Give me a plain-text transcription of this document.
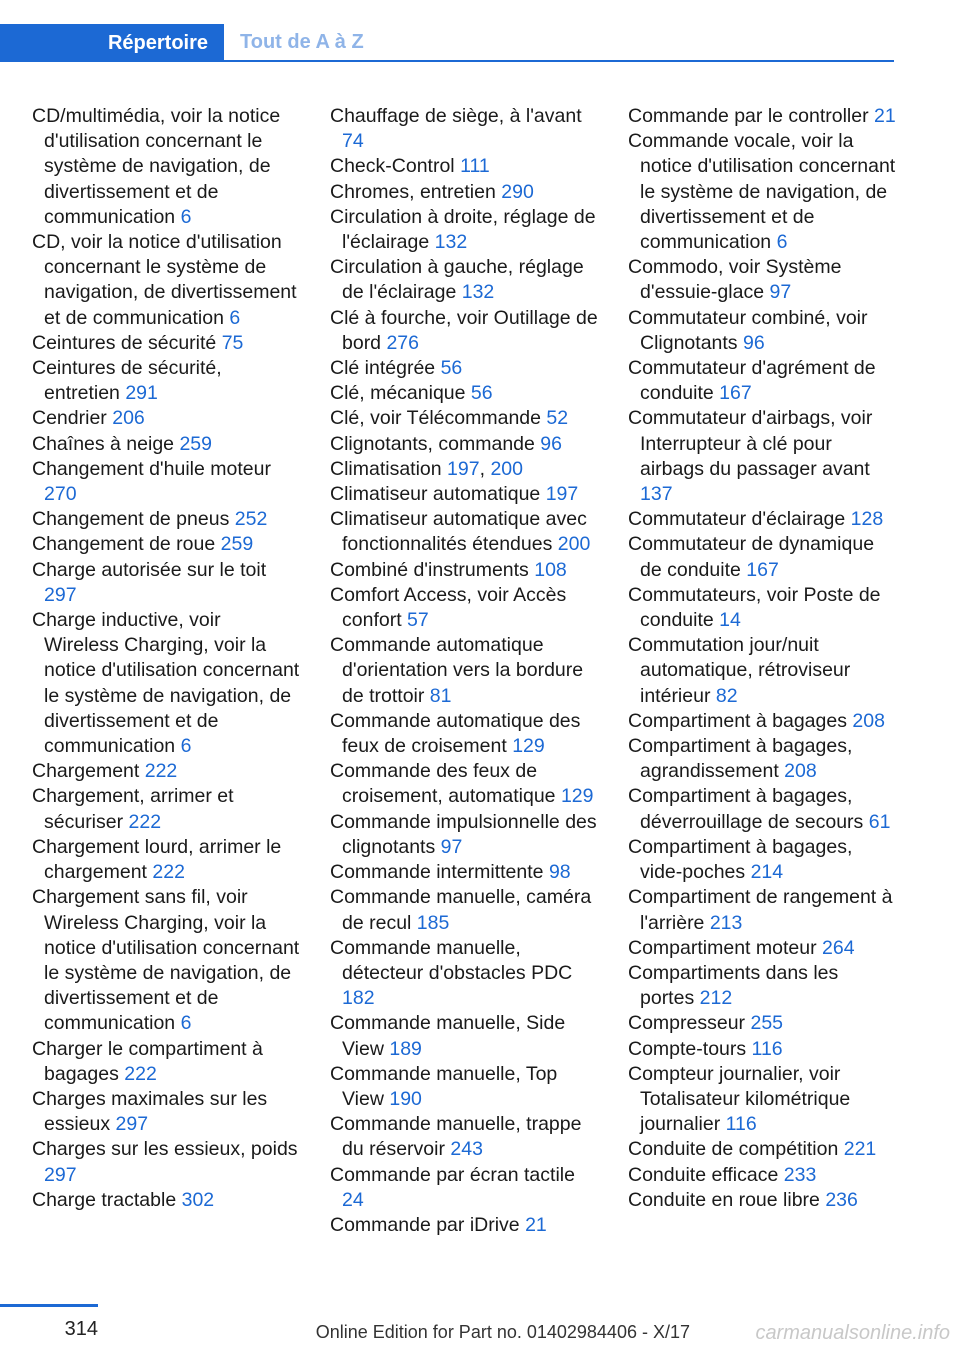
Répertoire Tout de A à Z

CD/multimédia, voir la notice d'utilisation concernant le système de navigation, de divertissement et de communication 6

CD, voir la notice d'utilisation concernant le système de navigation, de divertissement et de communication 6

Ceintures de sécurité 75

Ceintures de sécurité, entretien 291

Cendrier 206

Chaînes à neige 259

Changement d'huile moteur 270

Changement de pneus 252

Changement de roue 259

Charge autorisée sur le toit 297

Charge inductive, voir Wireless Charging, voir la notice d'utilisation concernant le système de navigation, de divertissement et de communication 6

Chargement 222

Chargement, arrimer et sécuriser 222

Chargement lourd, arrimer le chargement 222

Chargement sans fil, voir Wireless Charging, voir la notice d'utilisation concernant le système de navigation, de divertissement et de communication 6

Charger le compartiment à bagages 222

Charges maximales sur les essieux 297

Charges sur les essieux, poids 297

Charge tractable 302

Chauffage de siège, à l'avant 74

Check-Control 111

Chromes, entretien 290

Circulation à droite, réglage de l'éclairage 132

Circulation à gauche, réglage de l'éclairage 132

Clé à fourche, voir Outillage de bord 276

Clé intégrée 56

Clé, mécanique 56

Clé, voir Télécommande 52

Clignotants, commande 96

Climatisation 197, 200

Climatiseur automatique 197

Climatiseur automatique avec fonctionnalités étendues 200

Combiné d'instruments 108

Comfort Access, voir Accès confort 57

Commande automatique d'orientation vers la bordure de trottoir 81

Commande automatique des feux de croisement 129

Commande des feux de croisement, automatique 129

Commande impulsionnelle des clignotants 97

Commande intermittente 98

Commande manuelle, caméra de recul 185

Commande manuelle, détecteur d'obstacles PDC 182

Commande manuelle, Side View 189

Commande manuelle, Top View 190

Commande manuelle, trappe du réservoir 243

Commande par écran tactile 24

Commande par iDrive 21

Commande par le controller 21

Commande vocale, voir la notice d'utilisation concernant le système de navigation, de divertissement et de communication 6

Commodo, voir Système d'essuie-glace 97

Commutateur combiné, voir Clignotants 96

Commutateur d'agrément de conduite 167

Commutateur d'airbags, voir Interrupteur à clé pour airbags du passager avant 137

Commutateur d'éclairage 128

Commutateur de dynamique de conduite 167

Commutateurs, voir Poste de conduite 14

Commutation jour/nuit automatique, rétroviseur intérieur 82

Compartiment à bagages 208

Compartiment à bagages, agrandissement 208

Compartiment à bagages, déverrouillage de secours 61

Compartiment à bagages, vide-poches 214

Compartiment de rangement à l'arrière 213

Compartiment moteur 264

Compartiments dans les portes 212

Compresseur 255

Compte-tours 116

Compteur journalier, voir Totalisateur kilométrique journalier 116

Conduite de compétition 221

Conduite efficace 233

Conduite en roue libre 236

314	Online Edition for Part no. 01402984406 - X/17	carmanualsonline.info
